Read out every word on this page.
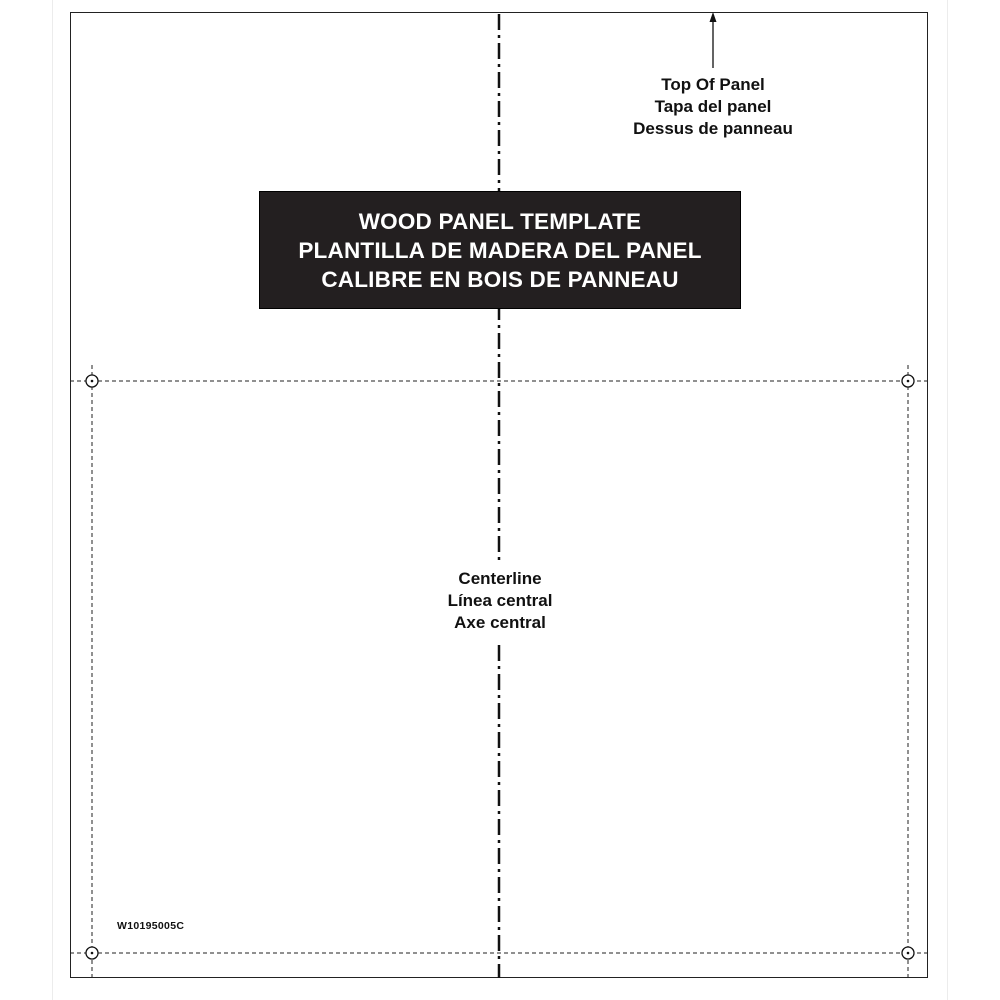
Top Of Panel
Tapa del panel
Dessus de panneau
WOOD PANEL TEMPLATE
PLANTILLA DE MADERA DEL PANEL
CALIBRE EN BOIS DE PANNEAU
Centerline
Línea central
Axe central
W10195005C
